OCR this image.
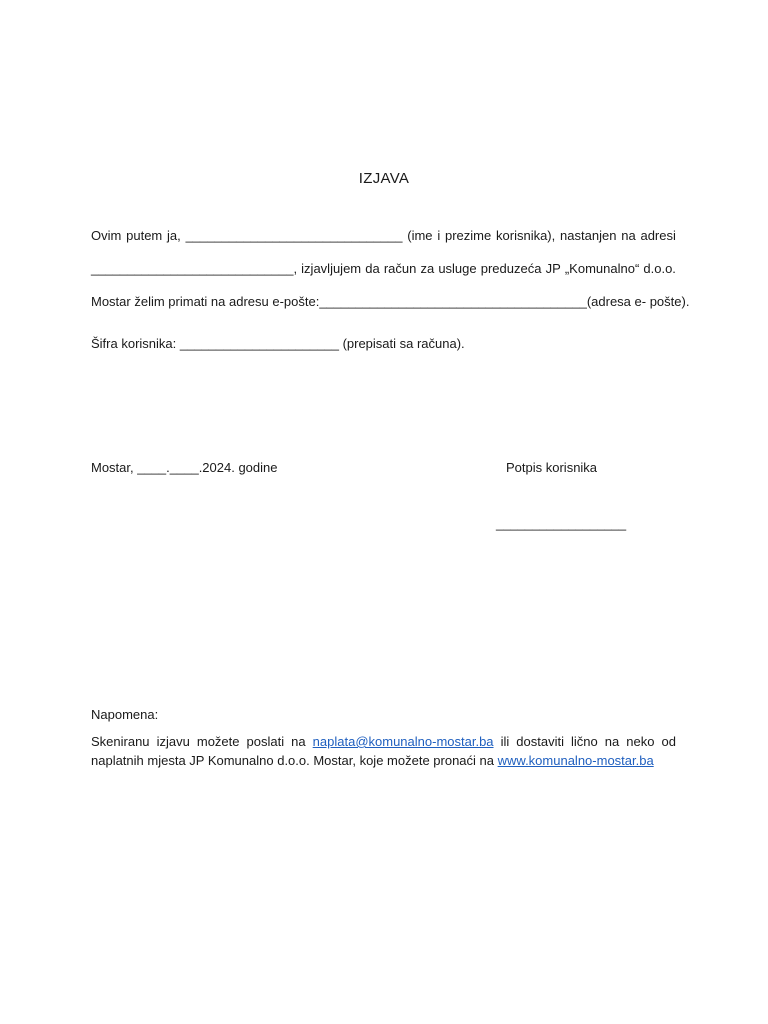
IZJAVA
Ovim putem ja, ______________________________ (ime i prezime korisnika), nastanjen na adresi
____________________________, izjavljujem da račun za usluge preduzeća JP „Komunalno“ d.o.o.
Mostar želim primati na adresu e-pošte: _____________________________________ (adresa e- pošte).
Šifra korisnika: ______________________ (prepisati sa računa).
Mostar, ____.____.2024. godine	Potpis korisnika
__________________
Napomena:
Skeniranu izjavu možete poslati na naplata@komunalno-mostar.ba ili dostaviti lično na neko od naplatnih mjesta JP Komunalno d.o.o. Mostar, koje možete pronaći na www.komunalno-mostar.ba
